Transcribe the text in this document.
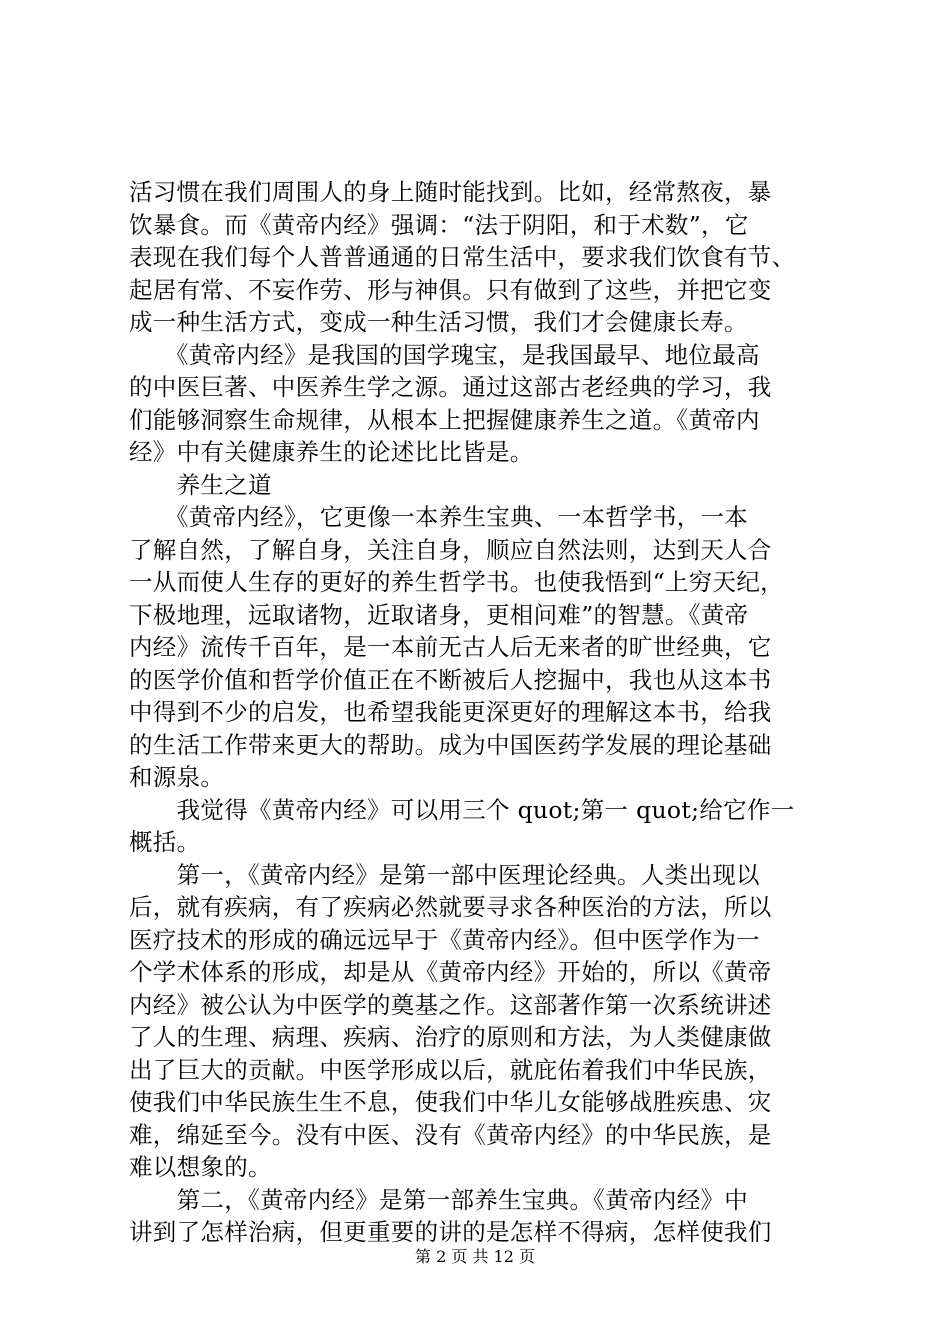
活习惯在我们周围人的身上随时能找到。比如，经常熬夜，暴
饮暴食。而《黄帝内经》强调：“法于阴阳，和于术数”，它
表现在我们每个人普普通通的日常生活中，要求我们饮食有节、
起居有常、不妄作劳、形与神俱。只有做到了这些，并把它变
成一种生活方式，变成一种生活习惯，我们才会健康长寿。
　　《黄帝内经》是我国的国学瑰宝，是我国最早、地位最高
的中医巨著、中医养生学之源。通过这部古老经典的学习，我
们能够洞察生命规律，从根本上把握健康养生之道。《黄帝内
经》中有关健康养生的论述比比皆是。
　　养生之道
　　《黄帝内经》，它更像一本养生宝典、一本哲学书，一本
了解自然，了解自身，关注自身，顺应自然法则，达到天人合
一从而使人生存的更好的养生哲学书。也使我悟到“上穷天纪，
下极地理，远取诸物，近取诸身，更相问难”的智慧。《黄帝
内经》流传千百年，是一本前无古人后无来者的旷世经典，它
的医学价值和哲学价值正在不断被后人挖掘中，我也从这本书
中得到不少的启发，也希望我能更深更好的理解这本书，给我
的生活工作带来更大的帮助。成为中国医药学发展的理论基础
和源泉。
　　我觉得《黄帝内经》可以用三个 quot;第一 quot;给它作一
概括。
　　第一，《黄帝内经》是第一部中医理论经典。人类出现以
后，就有疾病，有了疾病必然就要寻求各种医治的方法，所以
医疗技术的形成的确远远早于《黄帝内经》。但中医学作为一
个学术体系的形成，却是从《黄帝内经》开始的，所以《黄帝
内经》被公认为中医学的奠基之作。这部著作第一次系统讲述
了人的生理、病理、疾病、治疗的原则和方法，为人类健康做
出了巨大的贡献。中医学形成以后，就庇佑着我们中华民族，
使我们中华民族生生不息，使我们中华儿女能够战胜疾患、灾
难，绵延至今。没有中医、没有《黄帝内经》的中华民族，是
难以想象的。
　　第二，《黄帝内经》是第一部养生宝典。《黄帝内经》中
讲到了怎样治病，但更重要的讲的是怎样不得病，怎样使我们
第 2 页 共 12 页
